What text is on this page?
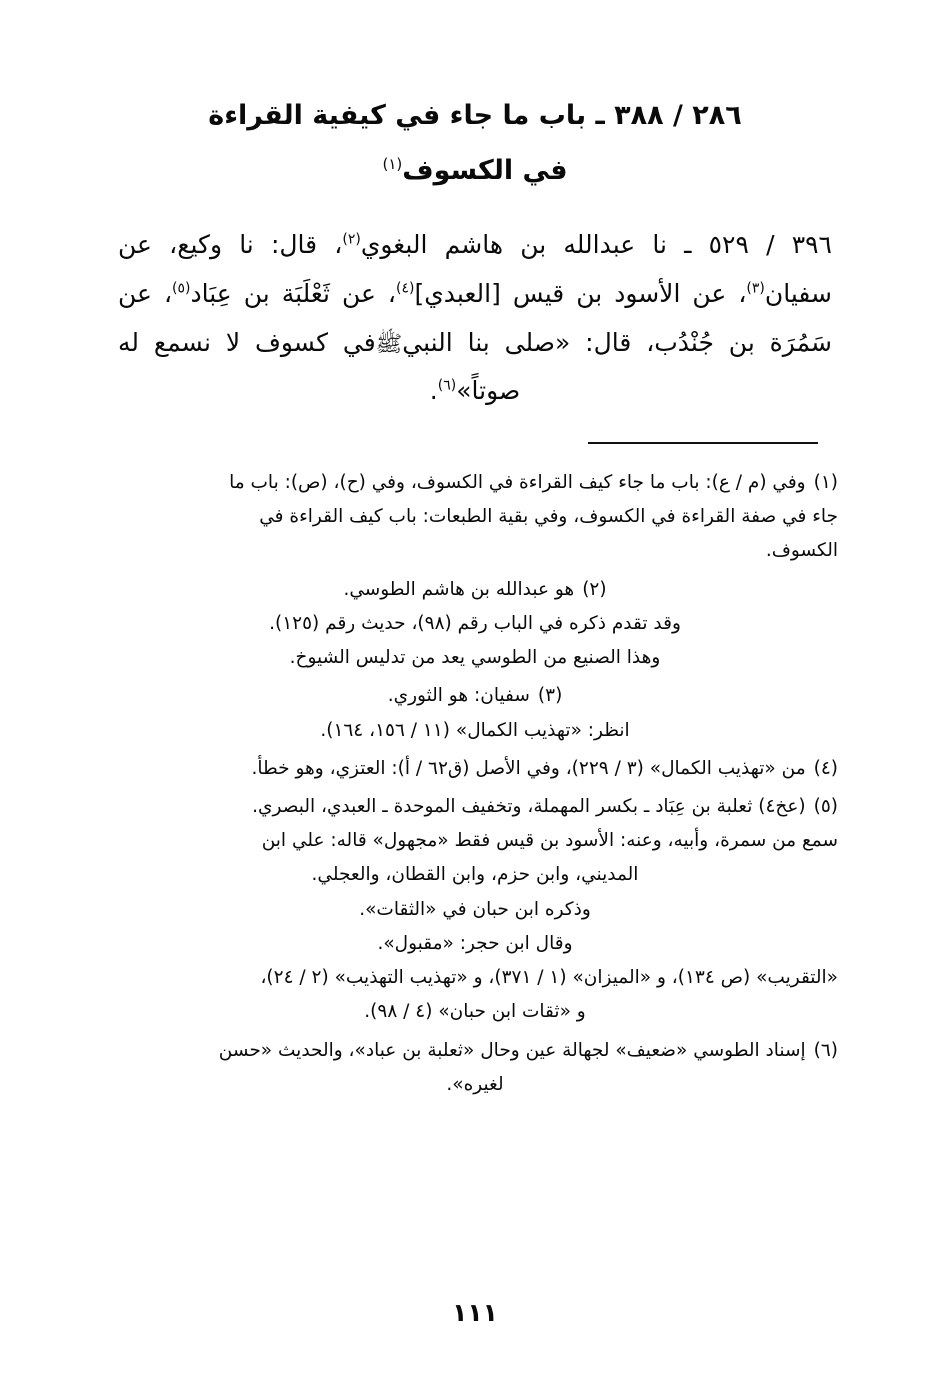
٢٨٦ / ٣٨٨ ـ باب ما جاء في كيفية القراءة
في الكسوف$^{(١)}$
٣٩٦ / ٥٢٩ ـ نا عبدالله بن هاشم البغوي$^{(٢)}$، قال: نا وكيع، عن سفيان$^{(٣)}$، عن الأسود بن قيس [العبدي]$^{(٤)}$، عن ثَعْلَبَة بن عِبَاد$^{(٥)}$، عن سَمُرَة بن جُنْدُب، قال: «صلى بنا النبيﷺفي كسوف لا نسمع له صوتاً»$^{(٦)}$.
(١)وفي (م / ع): باب ما جاء كيف القراءة في الكسوف، وفي (ح)، (ص): باب ما
جاء في صفة القراءة في الكسوف، وفي بقية الطبعات: باب كيف القراءة في
الكسوف.
(٢)هو عبدالله بن هاشم الطوسي.
وقد تقدم ذكره في الباب رقم (٩٨)، حديث رقم (١٢٥).
وهذا الصنيع من الطوسي يعد من تدليس الشيوخ.
(٣)سفيان: هو الثوري.
انظر: «تهذيب الكمال» (١١ / ١٥٦، ١٦٤).
(٤)من «تهذيب الكمال» (٣ / ٢٢٩)، وفي الأصل (ق٦٢ / أ): العتزي، وهو خطأ.
(٥)(عخ٤) ثعلبة بن عِبَاد ـ بكسر المهملة، وتخفيف الموحدة ـ العبدي، البصري.
سمع من سمرة، وأبيه، وعنه: الأسود بن قيس فقط «مجهول» قاله: علي ابن
المديني، وابن حزم، وابن القطان، والعجلي.
وذكره ابن حبان في «الثقات».
وقال ابن حجر: «مقبول».
«التقريب» (ص ١٣٤)، و «الميزان» (١ / ٣٧١)، و «تهذيب التهذيب» (٢ / ٢٤)،
و «ثقات ابن حبان» (٤ / ٩٨).
(٦)إسناد الطوسي «ضعيف» لجهالة عين وحال «ثعلبة بن عباد»، والحديث «حسن
لغيره».
١١١
